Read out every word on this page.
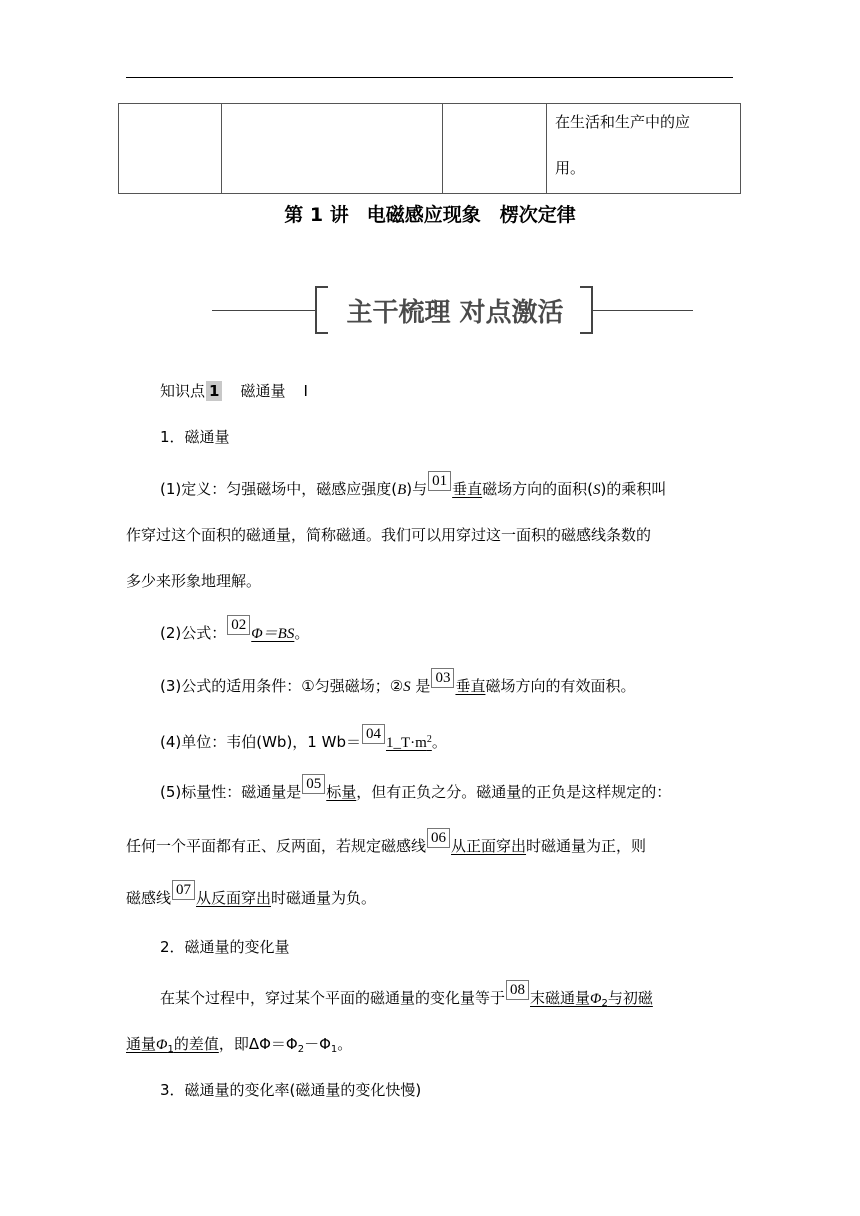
在生活和生产中的应
用。
第 1 讲 电磁感应现象　楞次定律
主干梳理 对点激活
知识点 1 磁通量 Ⅰ
1．磁通量
(1)定义：匀强磁场中，磁感应强度(B)与 01 垂直磁场方向的面积(S)的乘积叫
作穿过这个面积的磁通量，简称磁通。我们可以用穿过这一面积的磁感线条数的
多少来形象地理解。
(2)公式： 02Φ＝BS。
(3)公式的适用条件：①匀强磁场；②S 是 03 垂直磁场方向的有效面积。
(4)单位：韦伯(Wb)，1 $Wb= 041\_T\cdot m^2$。
(5)标量性：磁通量是 05 标量，但有正负之分。磁通量的正负是这样规定的：
任何一个平面都有正、反两面，若规定磁感线 06 从正面穿出时磁通量为正，则
磁感线 07 从反面穿出时磁通量为负。
2．磁通量的变化量
在某个过程中，穿过某个平面的磁通量的变化量等于 08 末磁通量$\Phi_2$与初磁
通量$\Phi_1$的差值，即$\Delta\Phi=\Phi_2-\Phi_1$。
3．磁通量的变化率(磁通量的变化快慢)
